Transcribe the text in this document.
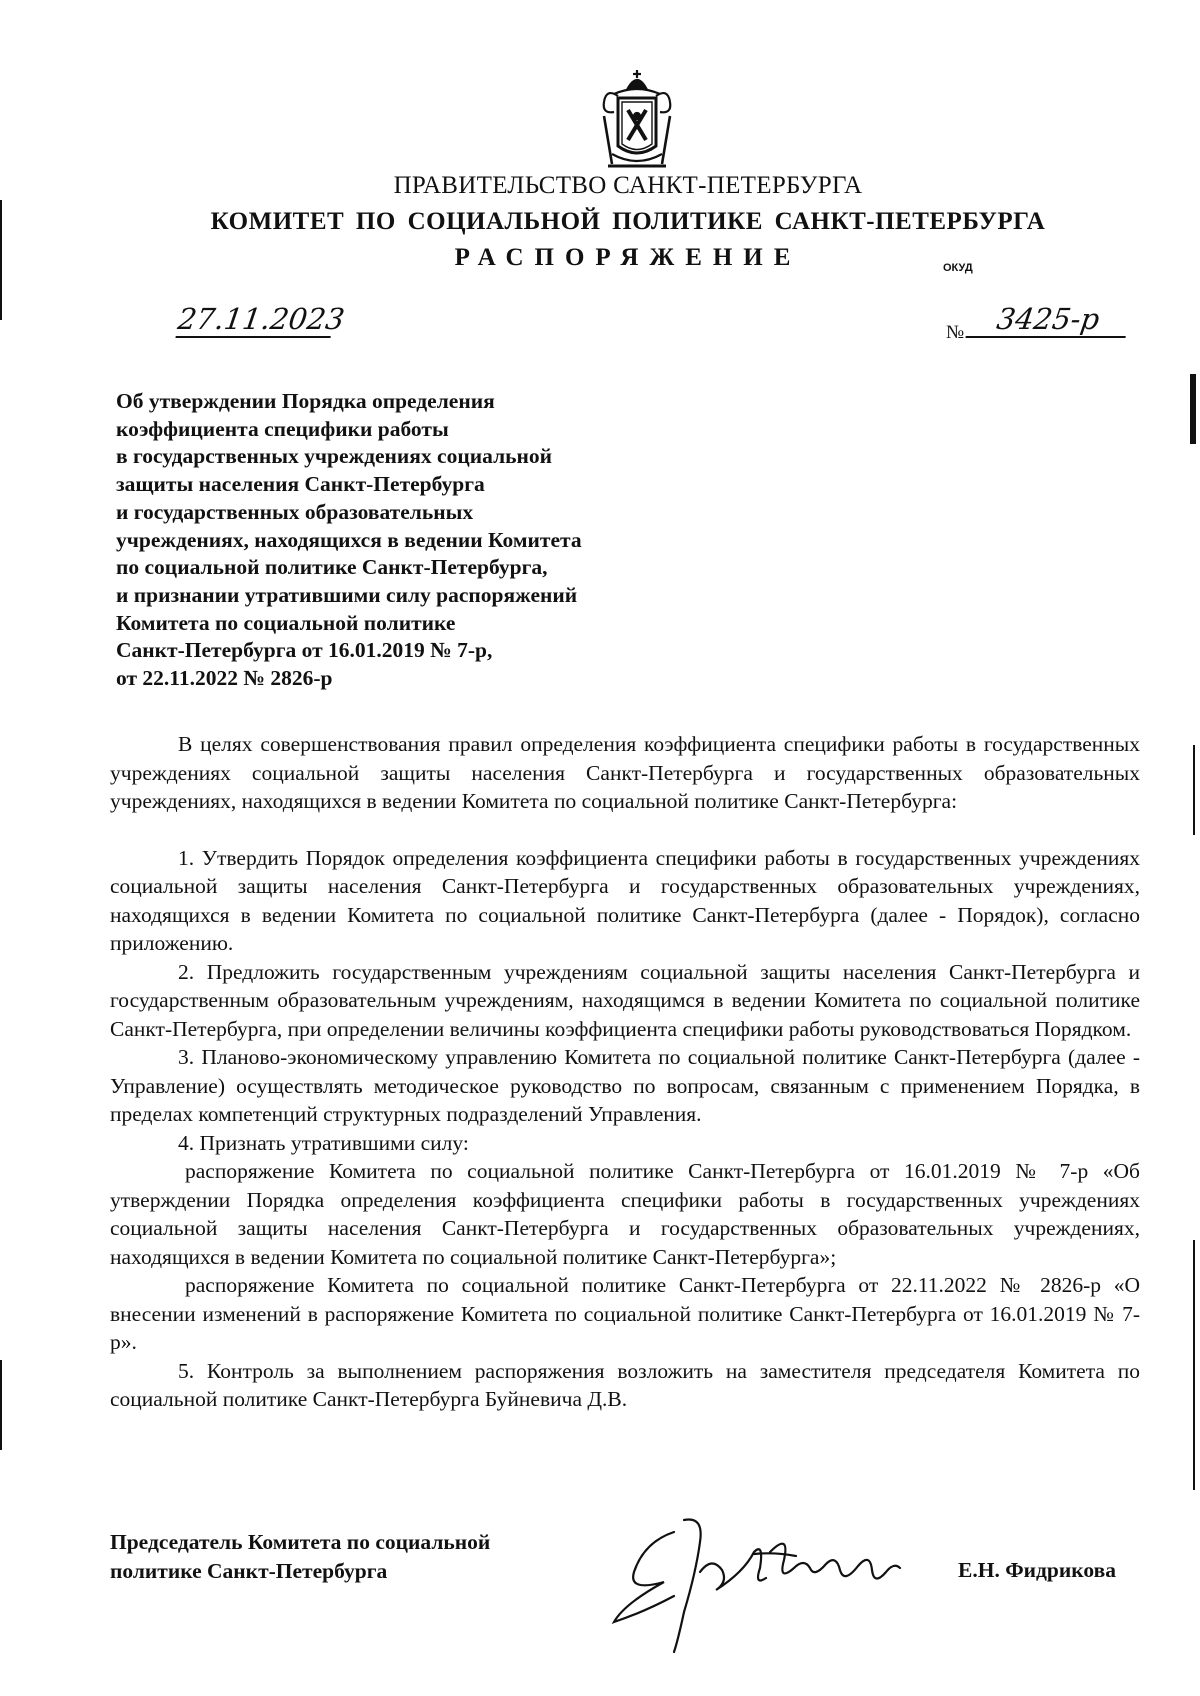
ПРАВИТЕЛЬСТВО САНКТ-ПЕТЕРБУРГА
КОМИТЕТ ПО СОЦИАЛЬНОЙ ПОЛИТИКЕ САНКТ-ПЕТЕРБУРГА
РАСПОРЯЖЕНИЕ	ОКУД
27.11.2023	№	3425-р
Об утверждении Порядка определения
коэффициента специфики работы
в государственных учреждениях социальной
защиты населения Санкт-Петербурга
и государственных образовательных
учреждениях, находящихся в ведении Комитета
по социальной политике Санкт-Петербурга,
и признании утратившими силу распоряжений
Комитета по социальной политике
Санкт-Петербурга от 16.01.2019 № 7-р,
от 22.11.2022 № 2826-р

В целях совершенствования правил определения коэффициента специфики работы в государственных учреждениях социальной защиты населения Санкт-Петербурга и государственных образовательных учреждениях, находящихся в ведении Комитета по социальной политике Санкт-Петербурга:

1. Утвердить Порядок определения коэффициента специфики работы в государственных учреждениях социальной защиты населения Санкт-Петербурга и государственных образовательных учреждениях, находящихся в ведении Комитета по социальной политике Санкт-Петербурга (далее - Порядок), согласно приложению.

2. Предложить государственным учреждениям социальной защиты населения Санкт-Петербурга и государственным образовательным учреждениям, находящимся в ведении Комитета по социальной политике Санкт-Петербурга, при определении величины коэффициента специфики работы руководствоваться Порядком.

3. Планово-экономическому управлению Комитета по социальной политике Санкт-Петербурга (далее - Управление) осуществлять методическое руководство по вопросам, связанным с применением Порядка, в пределах компетенций структурных подразделений Управления.

4. Признать утратившими силу:

распоряжение Комитета по социальной политике Санкт-Петербурга от 16.01.2019 № 7-р «Об утверждении Порядка определения коэффициента специфики работы в государственных учреждениях социальной защиты населения Санкт-Петербурга и государственных образовательных учреждениях, находящихся в ведении Комитета по социальной политике Санкт-Петербурга»;

распоряжение Комитета по социальной политике Санкт-Петербурга от 22.11.2022 № 2826-р «О внесении изменений в распоряжение Комитета по социальной политике Санкт-Петербурга от 16.01.2019 № 7-р».

5. Контроль за выполнением распоряжения возложить на заместителя председателя Комитета по социальной политике Санкт-Петербурга Буйневича Д.В.

Председатель Комитета по социальной
политике Санкт-Петербурга	Е.Н. Фидрикова
